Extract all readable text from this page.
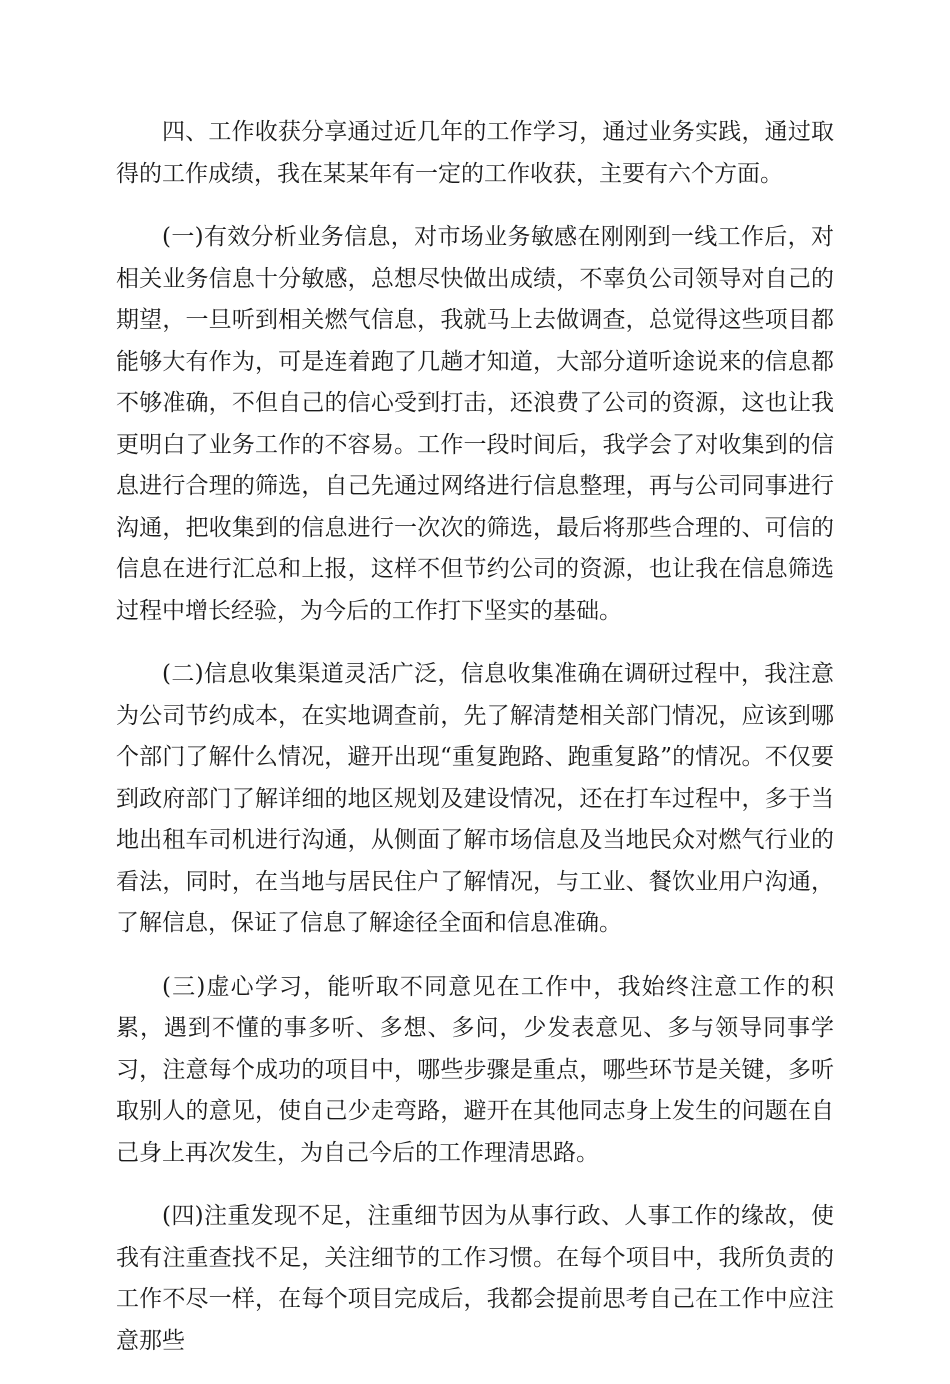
四、工作收获分享通过近几年的工作学习，通过业务实践，通过取得的工作成绩，我在某某年有一定的工作收获，主要有六个方面。

(一)有效分析业务信息，对市场业务敏感在刚刚到一线工作后，对相关业务信息十分敏感，总想尽快做出成绩，不辜负公司领导对自己的期望，一旦听到相关燃气信息，我就马上去做调查，总觉得这些项目都能够大有作为，可是连着跑了几趟才知道，大部分道听途说来的信息都不够准确，不但自己的信心受到打击，还浪费了公司的资源，这也让我更明白了业务工作的不容易。工作一段时间后，我学会了对收集到的信息进行合理的筛选，自己先通过网络进行信息整理，再与公司同事进行沟通，把收集到的信息进行一次次的筛选，最后将那些合理的、可信的信息在进行汇总和上报，这样不但节约公司的资源，也让我在信息筛选过程中增长经验，为今后的工作打下坚实的基础。

(二)信息收集渠道灵活广泛，信息收集准确在调研过程中，我注意为公司节约成本，在实地调查前，先了解清楚相关部门情况，应该到哪个部门了解什么情况，避开出现“重复跑路、跑重复路”的情况。不仅要到政府部门了解详细的地区规划及建设情况，还在打车过程中，多于当地出租车司机进行沟通，从侧面了解市场信息及当地民众对燃气行业的看法，同时，在当地与居民住户了解情况，与工业、餐饮业用户沟通，了解信息，保证了信息了解途径全面和信息准确。

(三)虚心学习，能听取不同意见在工作中，我始终注意工作的积累，遇到不懂的事多听、多想、多问，少发表意见、多与领导同事学习，注意每个成功的项目中，哪些步骤是重点，哪些环节是关键，多听取别人的意见，使自己少走弯路，避开在其他同志身上发生的问题在自己身上再次发生，为自己今后的工作理清思路。

(四)注重发现不足，注重细节因为从事行政、人事工作的缘故，使我有注重查找不足，关注细节的工作习惯。在每个项目中，我所负责的工作不尽一样，在每个项目完成后，我都会提前思考自己在工作中应注意那些
